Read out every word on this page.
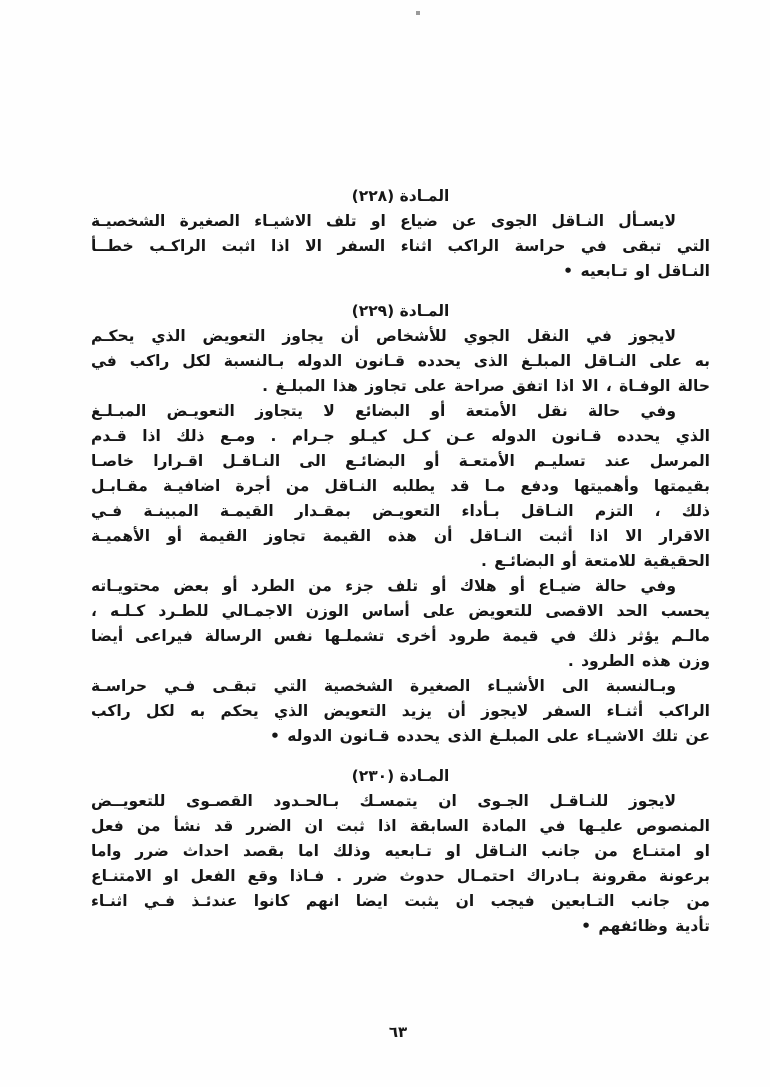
المـادة (٢٢٨)
لايسـأل النـاقل الجوى عن ضياع او تلف الاشيـاء الصغيرة الشخصيـة
التي تبقى في حراسة الراكب اثناء السفر الا اذا اثبت الراكـب خطــأ
النـاقل او تـابعيه •
المـادة (٢٢٩)
لايجوز في النقل الجوي للأشخاص أن يجاوز التعويض الذي يحكـم
به على النـاقل المبلـغ الذى يحدده قـانون الدوله بـالنسبة لكل راكب في
حالة الوفـاة ، الا اذا اتفق صراحة على تجاوز هذا المبلـغ .
وفي حالة نقل الأمتعة أو البضائع لا يتجاوز التعويـض المبـلـغ
الذي يحدده قـانون الدوله عـن كـل كيـلو جـرام . ومـع ذلك اذا قـدم
المرسل عند تسليـم الأمتعـة أو البضائـع الى النـاقـل اقـرارا خاصـا
بقيمتها وأهميتها ودفع مـا قد يطلبه النـاقل من أجرة اضافيـة مقـابـل
ذلك ، التزم النـاقل بـأداء التعويـض بمقـدار القيمـة المبينـة فـي
الاقرار الا اذا أثبت النـاقل أن هذه القيمة تجاوز القيمة أو الأهميـة
الحقيقية للامتعة أو البضائـع .
وفي حالة ضيـاع أو هلاك أو تلف جزء من الطرد أو بعض محتويـاته
يحسب الحد الاقصى للتعويض على أساس الوزن الاجمـالي للطـرد كـلـه ،
مالـم يؤثر ذلك في قيمة طرود أخرى تشملـها نفس الرسالة فيراعى أيضا
وزن هذه الطرود .
وبـالنسبة الى الأشيـاء الصغيرة الشخصية التي تبقـى فـي حراسـة
الراكب أثنـاء السفر لايجوز أن يزيد التعويض الذي يحكم به لكل راكب
عن تلك الاشيـاء على المبلـغ الذى يحدده قـانون الدوله •
المـادة (٢٣٠)
لايجوز للنـاقـل الجـوى ان يتمسـك بـالحـدود القصـوى للتعويــض
المنصوص عليـها في المادة السابقة اذا ثبت ان الضرر قد نشأ من فعل
او امتنـاع من جانب النـاقل او تـابعيه وذلك اما بقصد احداث ضرر واما
برعونة مقرونة بـادراك احتمـال حدوث ضرر . فـاذا وقع الفعل او الامتنـاع
من جانب التـابعين فيجب ان يثبت ايضا انهم كانوا عندئـذ فـي اثنـاء
تأدية وظائفهم •
٦٣
